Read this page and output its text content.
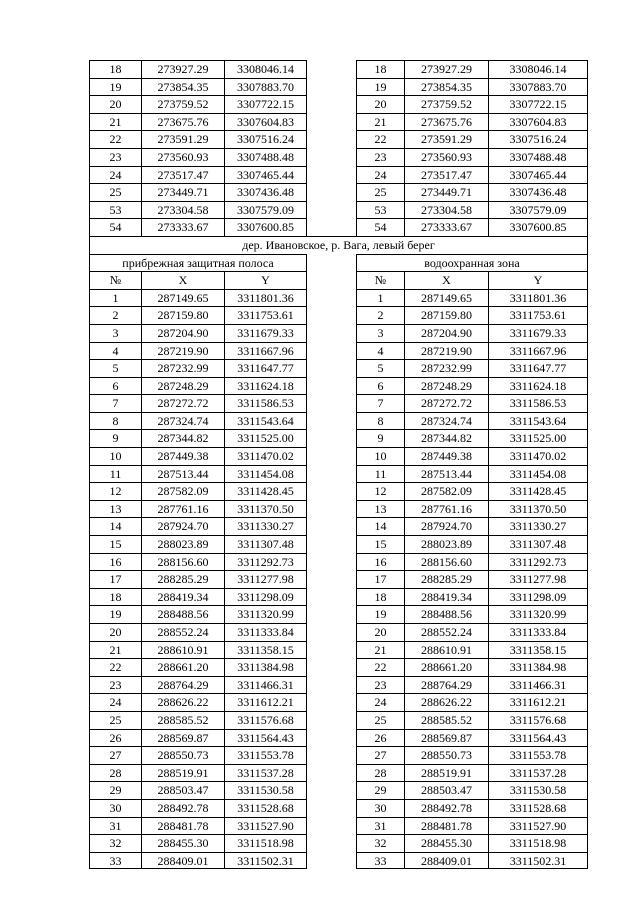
18	273927.29	3308046.14	18	273927.29	3308046.14
19	273854.35	3307883.70	19	273854.35	3307883.70
20	273759.52	3307722.15	20	273759.52	3307722.15
21	273675.76	3307604.83	21	273675.76	3307604.83
22	273591.29	3307516.24	22	273591.29	3307516.24
23	273560.93	3307488.48	23	273560.93	3307488.48
24	273517.47	3307465.44	24	273517.47	3307465.44
25	273449.71	3307436.48	25	273449.71	3307436.48
53	273304.58	3307579.09	53	273304.58	3307579.09
54	273333.67	3307600.85	54	273333.67	3307600.85
дер. Ивановское, р. Вага, левый берег
прибрежная защитная полоса	водоохранная зона
№	X	Y	№	X	Y
1	287149.65	3311801.36	1	287149.65	3311801.36
2	287159.80	3311753.61	2	287159.80	3311753.61
3	287204.90	3311679.33	3	287204.90	3311679.33
4	287219.90	3311667.96	4	287219.90	3311667.96
5	287232.99	3311647.77	5	287232.99	3311647.77
6	287248.29	3311624.18	6	287248.29	3311624.18
7	287272.72	3311586.53	7	287272.72	3311586.53
8	287324.74	3311543.64	8	287324.74	3311543.64
9	287344.82	3311525.00	9	287344.82	3311525.00
10	287449.38	3311470.02	10	287449.38	3311470.02
11	287513.44	3311454.08	11	287513.44	3311454.08
12	287582.09	3311428.45	12	287582.09	3311428.45
13	287761.16	3311370.50	13	287761.16	3311370.50
14	287924.70	3311330.27	14	287924.70	3311330.27
15	288023.89	3311307.48	15	288023.89	3311307.48
16	288156.60	3311292.73	16	288156.60	3311292.73
17	288285.29	3311277.98	17	288285.29	3311277.98
18	288419.34	3311298.09	18	288419.34	3311298.09
19	288488.56	3311320.99	19	288488.56	3311320.99
20	288552.24	3311333.84	20	288552.24	3311333.84
21	288610.91	3311358.15	21	288610.91	3311358.15
22	288661.20	3311384.98	22	288661.20	3311384.98
23	288764.29	3311466.31	23	288764.29	3311466.31
24	288626.22	3311612.21	24	288626.22	3311612.21
25	288585.52	3311576.68	25	288585.52	3311576.68
26	288569.87	3311564.43	26	288569.87	3311564.43
27	288550.73	3311553.78	27	288550.73	3311553.78
28	288519.91	3311537.28	28	288519.91	3311537.28
29	288503.47	3311530.58	29	288503.47	3311530.58
30	288492.78	3311528.68	30	288492.78	3311528.68
31	288481.78	3311527.90	31	288481.78	3311527.90
32	288455.30	3311518.98	32	288455.30	3311518.98
33	288409.01	3311502.31	33	288409.01	3311502.31
